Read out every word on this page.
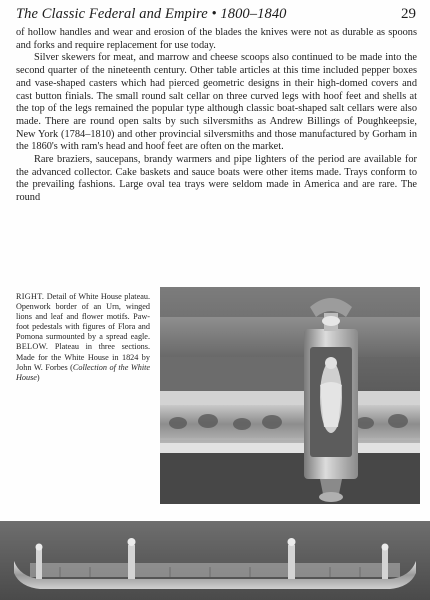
The Classic Federal and Empire • 1800–1840	29

of hollow handles and wear and erosion of the blades the knives were not as durable as spoons and forks and require replacement for use today.

Silver skewers for meat, and marrow and cheese scoops also continued to be made into the second quarter of the nineteenth century. Other table articles at this time included pepper boxes and vase-shaped casters which had pierced geometric designs in their high-domed covers and cast button finials. The small round salt cellar on three curved legs with hoof feet and shells at the top of the legs remained the popular type although classic boat-shaped salt cellars were also made. There are round open salts by such silversmiths as Andrew Billings of Poughkeepsie, New York (1784–1810) and other provincial silversmiths and those manufactured by Gorham in the 1860's with ram's head and hoof feet are often on the market.

Rare braziers, saucepans, brandy warmers and pipe lighters of the period are available for the advanced collector. Cake baskets and sauce boats were other items made. Trays conform to the prevailing fashions. Large oval tea trays were seldom made in America and are rare. The round

RIGHT. Detail of White House plateau. Openwork border of an Urn, winged lions and leaf and flower motifs. Paw-foot pedestals with figures of Flora and Pomona surmounted by a spread eagle. BELOW. Plateau in three sections. Made for the White House in 1824 by John W. Forbes (Collection of the White House)
